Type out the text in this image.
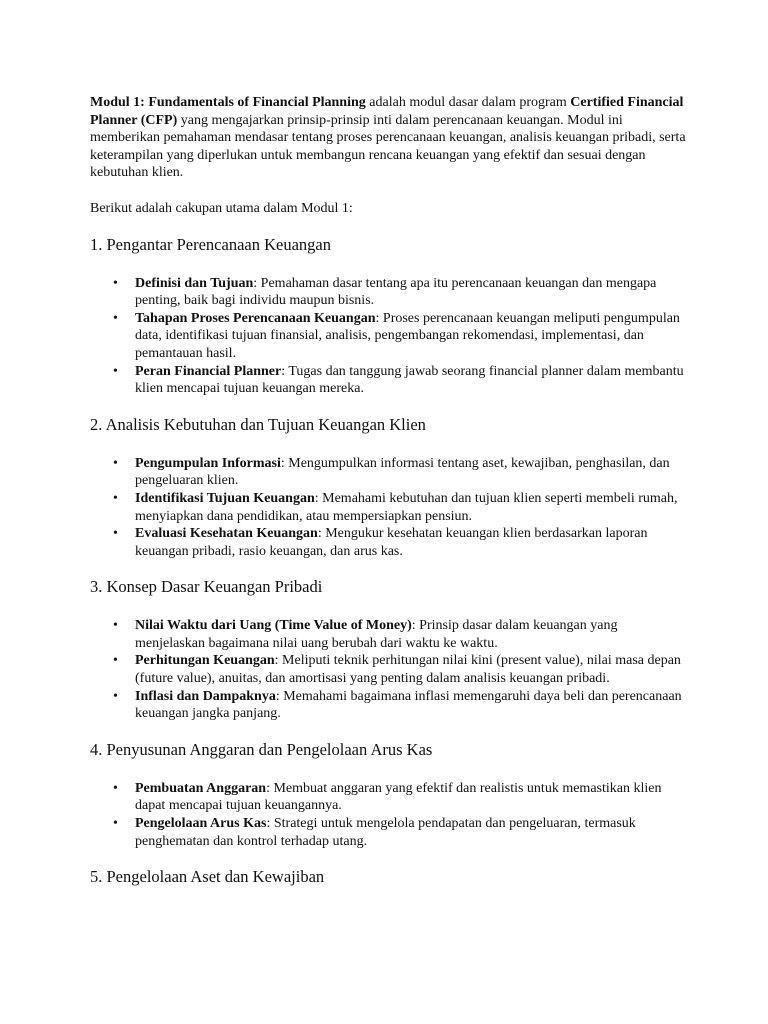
Modul 1: Fundamentals of Financial Planning adalah modul dasar dalam program Certified Financial Planner (CFP) yang mengajarkan prinsip-prinsip inti dalam perencanaan keuangan. Modul ini memberikan pemahaman mendasar tentang proses perencanaan keuangan, analisis keuangan pribadi, serta keterampilan yang diperlukan untuk membangun rencana keuangan yang efektif dan sesuai dengan kebutuhan klien.

Berikut adalah cakupan utama dalam Modul 1:

1. Pengantar Perencanaan Keuangan
• Definisi dan Tujuan: Pemahaman dasar tentang apa itu perencanaan keuangan dan mengapa penting, baik bagi individu maupun bisnis.
• Tahapan Proses Perencanaan Keuangan: Proses perencanaan keuangan meliputi pengumpulan data, identifikasi tujuan finansial, analisis, pengembangan rekomendasi, implementasi, dan pemantauan hasil.
• Peran Financial Planner: Tugas dan tanggung jawab seorang financial planner dalam membantu klien mencapai tujuan keuangan mereka.
2. Analisis Kebutuhan dan Tujuan Keuangan Klien
• Pengumpulan Informasi: Mengumpulkan informasi tentang aset, kewajiban, penghasilan, dan pengeluaran klien.
• Identifikasi Tujuan Keuangan: Memahami kebutuhan dan tujuan klien seperti membeli rumah, menyiapkan dana pendidikan, atau mempersiapkan pensiun.
• Evaluasi Kesehatan Keuangan: Mengukur kesehatan keuangan klien berdasarkan laporan keuangan pribadi, rasio keuangan, dan arus kas.
3. Konsep Dasar Keuangan Pribadi
• Nilai Waktu dari Uang (Time Value of Money): Prinsip dasar dalam keuangan yang menjelaskan bagaimana nilai uang berubah dari waktu ke waktu.
• Perhitungan Keuangan: Meliputi teknik perhitungan nilai kini (present value), nilai masa depan (future value), anuitas, dan amortisasi yang penting dalam analisis keuangan pribadi.
• Inflasi dan Dampaknya: Memahami bagaimana inflasi memengaruhi daya beli dan perencanaan keuangan jangka panjang.
4. Penyusunan Anggaran dan Pengelolaan Arus Kas
• Pembuatan Anggaran: Membuat anggaran yang efektif dan realistis untuk memastikan klien dapat mencapai tujuan keuangannya.
• Pengelolaan Arus Kas: Strategi untuk mengelola pendapatan dan pengeluaran, termasuk penghematan dan kontrol terhadap utang.
5. Pengelolaan Aset dan Kewajiban
